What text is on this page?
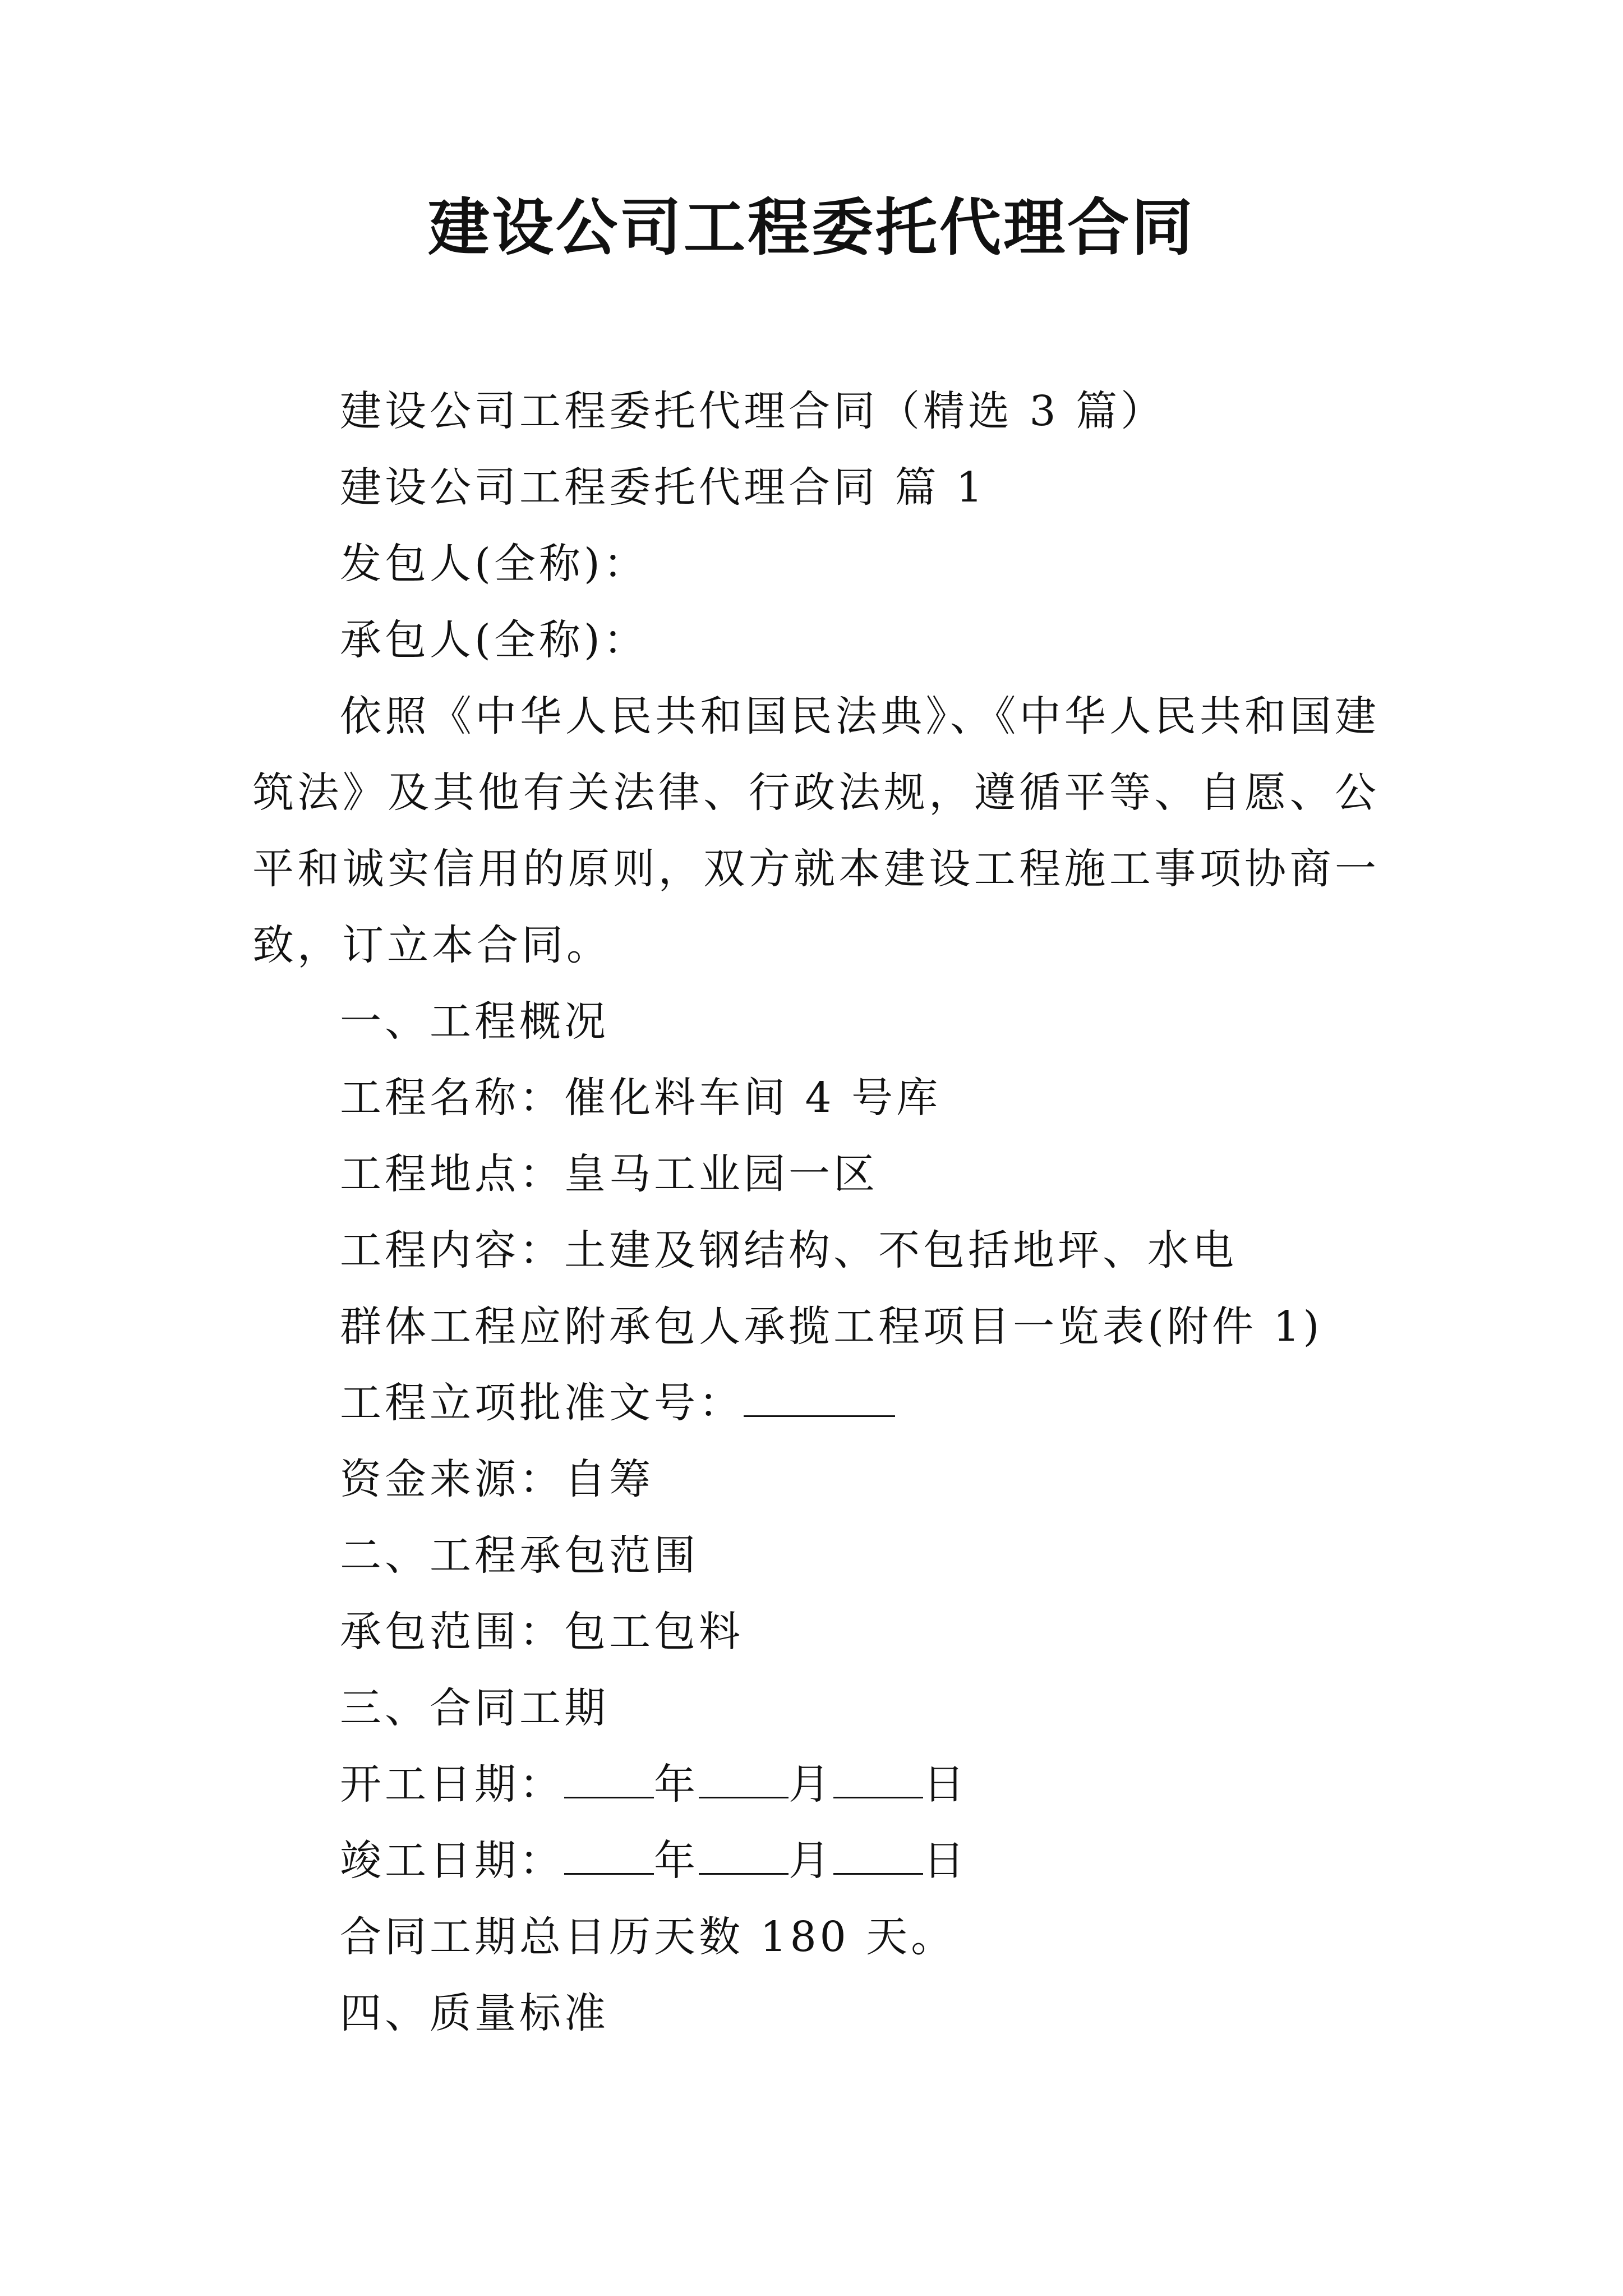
建设公司工程委托代理合同

建设公司工程委托代理合同（精选 3 篇）

建设公司工程委托代理合同 篇 1

发包人(全称)：

承包人(全称)：

依照《中华人民共和国民法典》、《中华人民共和国建筑法》及其他有关法律、行政法规，遵循平等、自愿、公平和诚实信用的原则，双方就本建设工程施工事项协商一致，订立本合同。

一、工程概况

工程名称：催化料车间 4 号库

工程地点：皇马工业园一区

工程内容：土建及钢结构、不包括地坪、水电

群体工程应附承包人承揽工程项目一览表(附件 1)

工程立项批准文号：

资金来源：自筹

二、工程承包范围

承包范围：包工包料

三、合同工期

开工日期： 年 月 日

竣工日期： 年 月 日

合同工期总日历天数 180 天。

四、质量标准
